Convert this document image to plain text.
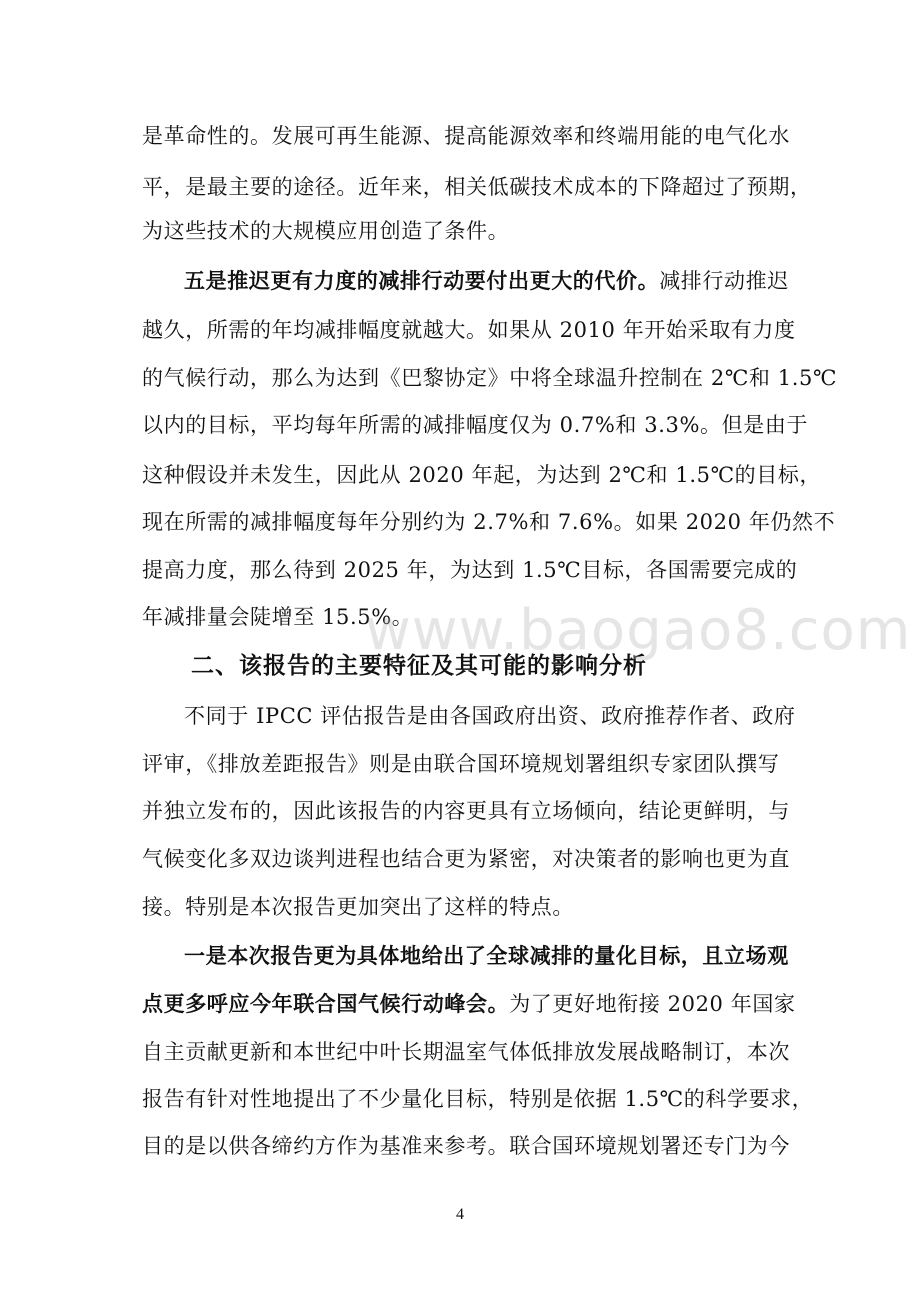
是革命性的。发展可再生能源、提高能源效率和终端用能的电气化水
平，是最主要的途径。近年来，相关低碳技术成本的下降超过了预期，
为这些技术的大规模应用创造了条件。
五是推迟更有力度的减排行动要付出更大的代价。减排行动推迟
越久，所需的年均减排幅度就越大。如果从 2010 年开始采取有力度
的气候行动，那么为达到《巴黎协定》中将全球温升控制在 2℃和 1.5℃
以内的目标，平均每年所需的减排幅度仅为 0.7%和 3.3%。但是由于
这种假设并未发生，因此从 2020 年起，为达到 2℃和 1.5℃的目标，
现在所需的减排幅度每年分别约为 2.7%和 7.6%。如果 2020 年仍然不
提高力度，那么待到 2025 年，为达到 1.5℃目标，各国需要完成的
年减排量会陡增至 15.5%。
二、该报告的主要特征及其可能的影响分析
不同于 IPCC 评估报告是由各国政府出资、政府推荐作者、政府
评审，《排放差距报告》则是由联合国环境规划署组织专家团队撰写
并独立发布的，因此该报告的内容更具有立场倾向，结论更鲜明，与
气候变化多双边谈判进程也结合更为紧密，对决策者的影响也更为直
接。特别是本次报告更加突出了这样的特点。
一是本次报告更为具体地给出了全球减排的量化目标，且立场观
点更多呼应今年联合国气候行动峰会。为了更好地衔接 2020 年国家
自主贡献更新和本世纪中叶长期温室气体低排放发展战略制订，本次
报告有针对性地提出了不少量化目标，特别是依据 1.5℃的科学要求，
目的是以供各缔约方作为基准来参考。联合国环境规划署还专门为今
www.baogao8.com
4
